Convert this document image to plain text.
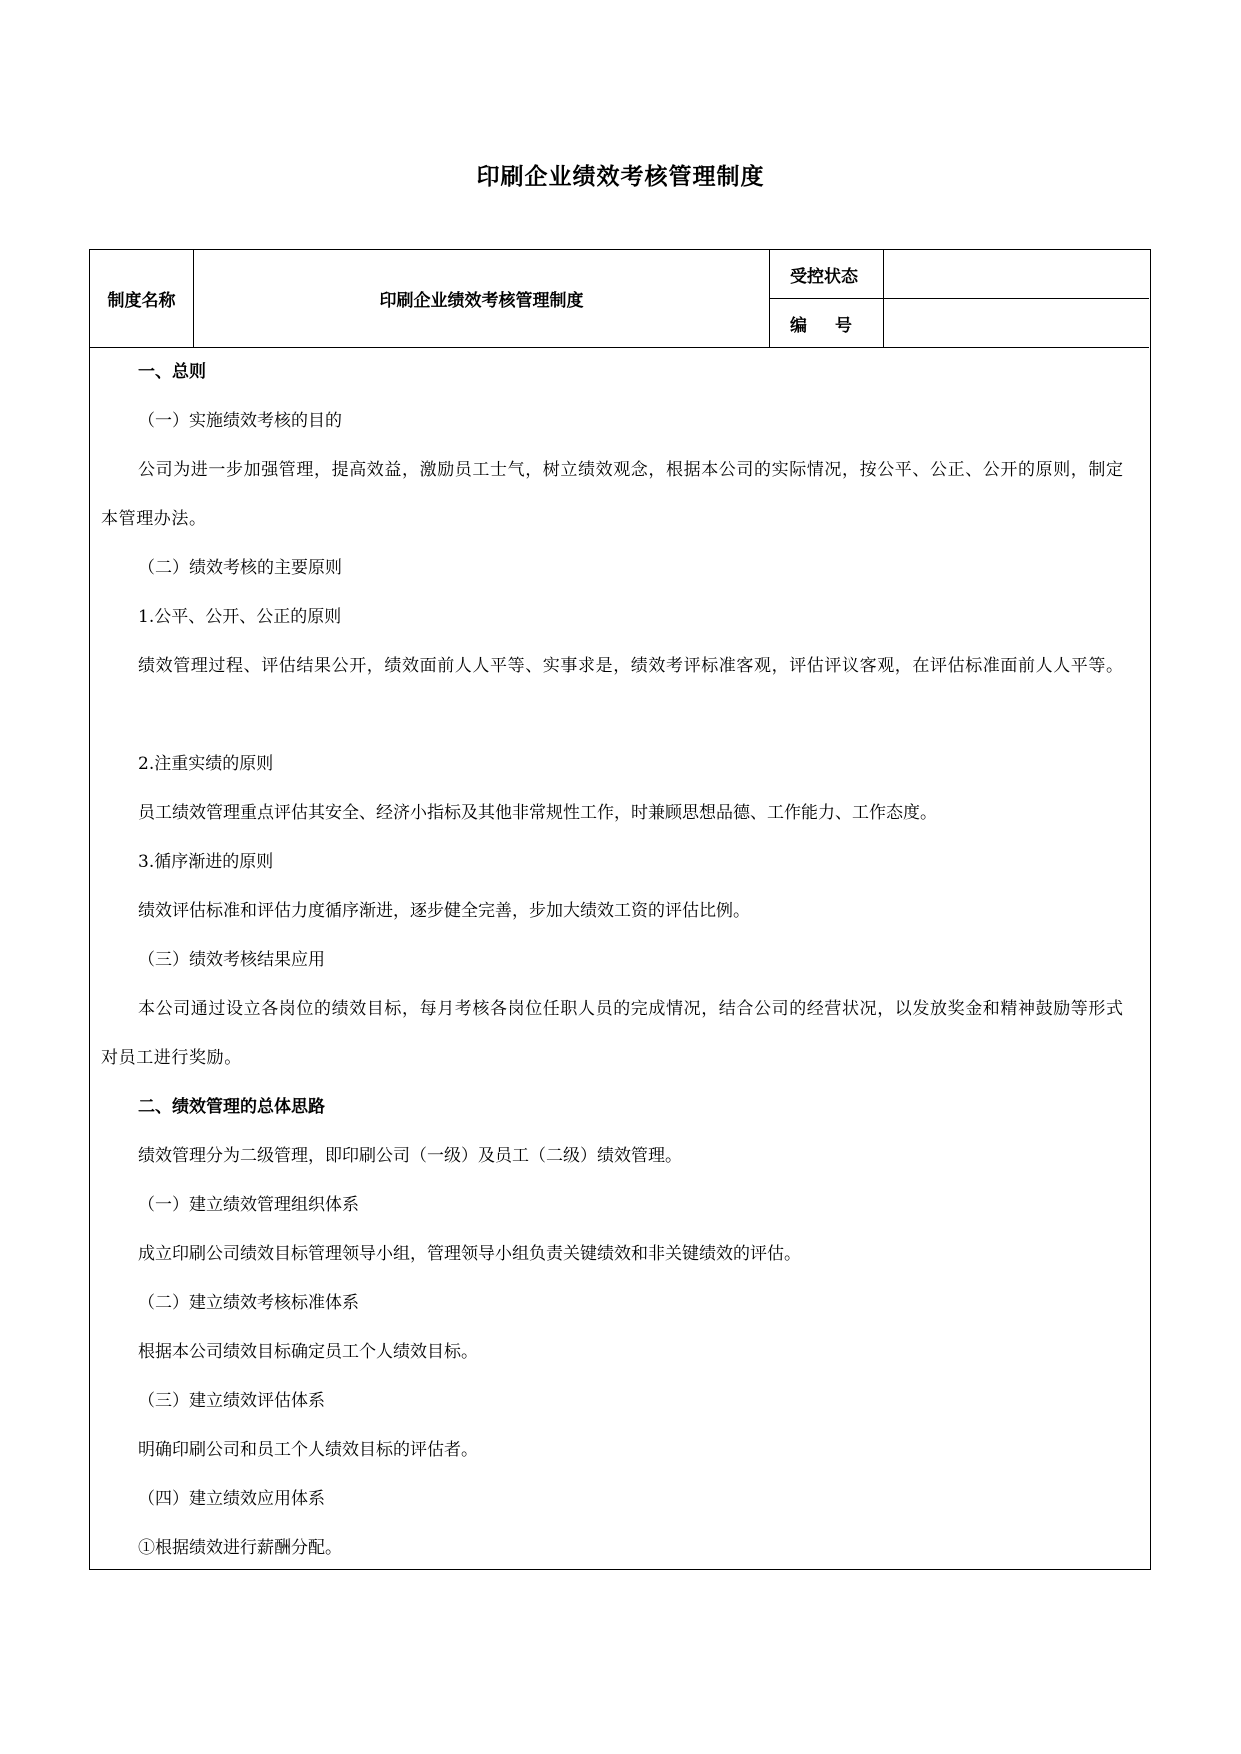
印刷企业绩效考核管理制度
制度名称	印刷企业绩效考核管理制度
受控状态
编号
一、总则
（一）实施绩效考核的目的
公司为进一步加强管理，提高效益，激励员工士气，树立绩效观念，根据本公司的实际情况，按公平、公正、公开的原则，制定本管理办法。
（二）绩效考核的主要原则
1.公平、公开、公正的原则
绩效管理过程、评估结果公开，绩效面前人人平等、实事求是，绩效考评标准客观，评估评议客观，在评估标准面前人人平等。
2.注重实绩的原则
员工绩效管理重点评估其安全、经济小指标及其他非常规性工作，时兼顾思想品德、工作能力、工作态度。
3.循序渐进的原则
绩效评估标准和评估力度循序渐进，逐步健全完善，步加大绩效工资的评估比例。
（三）绩效考核结果应用
本公司通过设立各岗位的绩效目标，每月考核各岗位任职人员的完成情况，结合公司的经营状况，以发放奖金和精神鼓励等形式对员工进行奖励。
二、绩效管理的总体思路
绩效管理分为二级管理，即印刷公司（一级）及员工（二级）绩效管理。
（一）建立绩效管理组织体系
成立印刷公司绩效目标管理领导小组，管理领导小组负责关键绩效和非关键绩效的评估。
（二）建立绩效考核标准体系
根据本公司绩效目标确定员工个人绩效目标。
（三）建立绩效评估体系
明确印刷公司和员工个人绩效目标的评估者。
（四）建立绩效应用体系
①根据绩效进行薪酬分配。
